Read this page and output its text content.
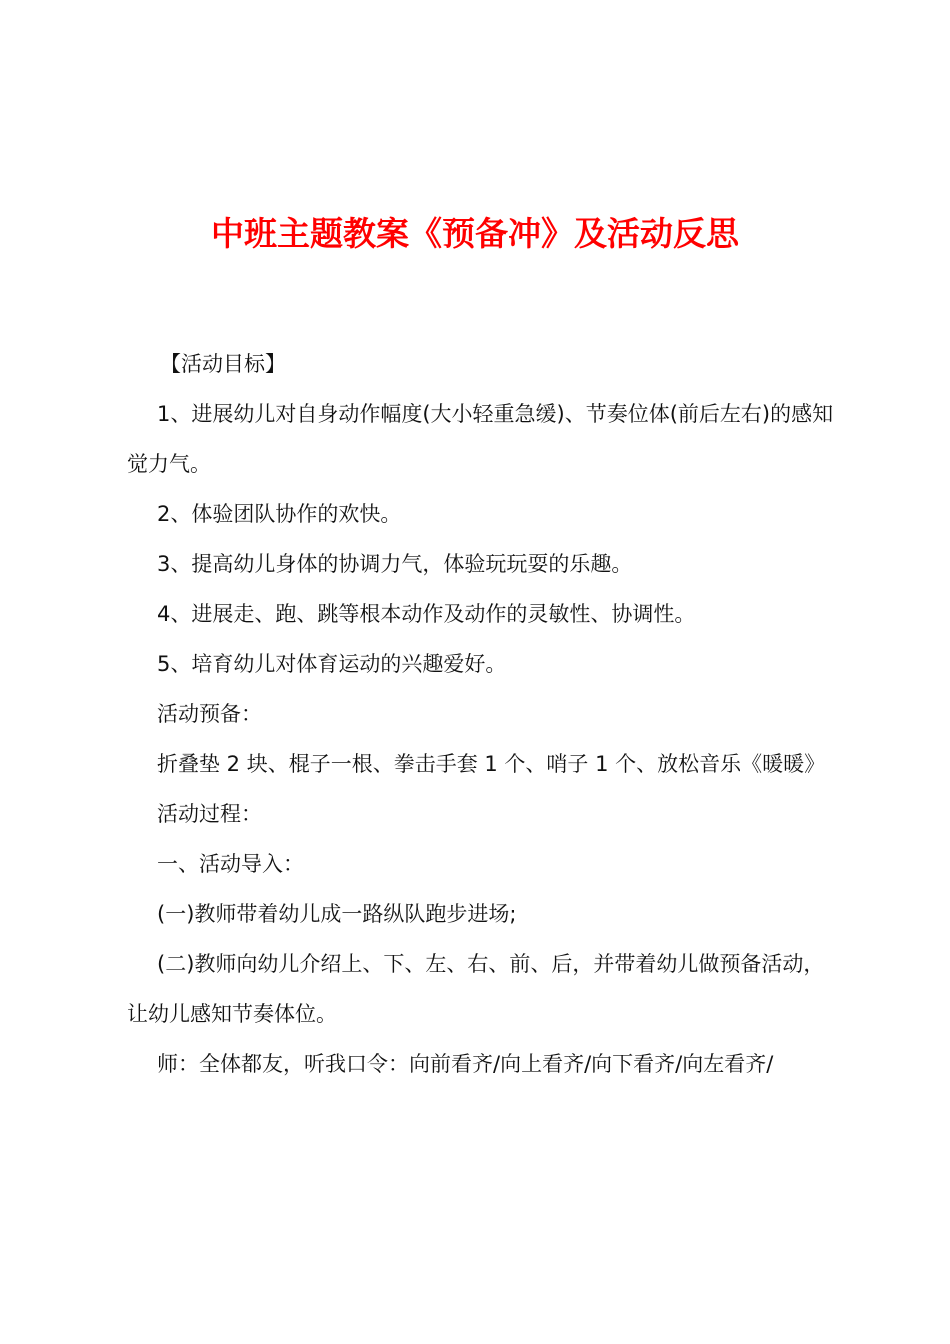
中班主题教案《预备冲》及活动反思

【活动目标】

1、进展幼儿对自身动作幅度(大小轻重急缓)、节奏位体(前后左右)的感知觉力气。

2、体验团队协作的欢快。

3、提高幼儿身体的协调力气，体验玩玩耍的乐趣。

4、进展走、跑、跳等根本动作及动作的灵敏性、协调性。

5、培育幼儿对体育运动的兴趣爱好。

活动预备：

折叠垫 2 块、棍子一根、拳击手套 1 个、哨子 1 个、放松音乐《暖暖》

活动过程：

一、活动导入：

(一)教师带着幼儿成一路纵队跑步进场;

(二)教师向幼儿介绍上、下、左、右、前、后，并带着幼儿做预备活动，让幼儿感知节奏体位。

师：全体都友，听我口令：向前看齐/向上看齐/向下看齐/向左看齐/
